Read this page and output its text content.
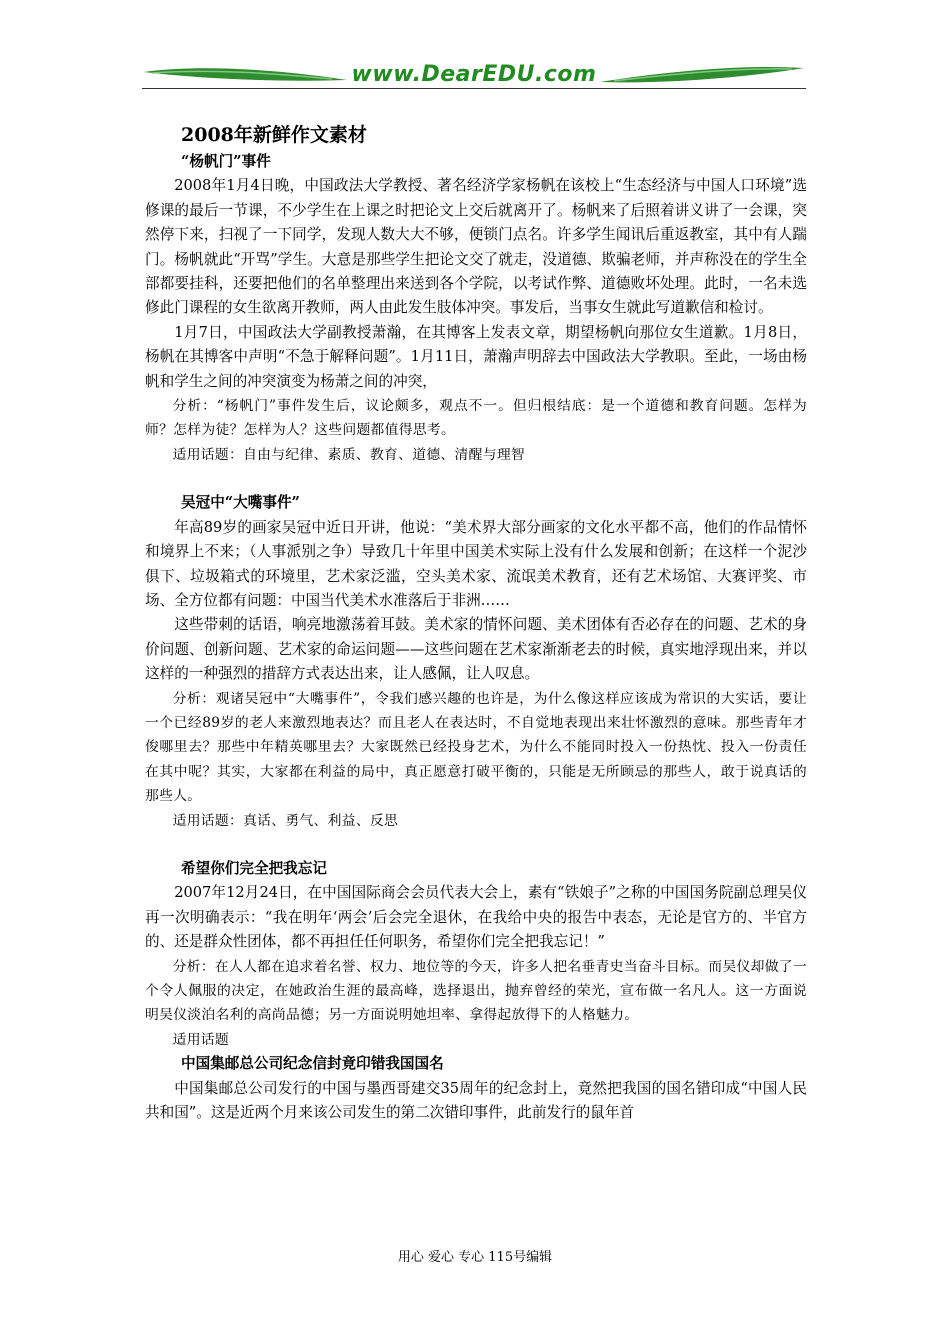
www.DearEDU.com
2008年新鲜作文素材
“杨帆门”事件

2008年1月4日晚，中国政法大学教授、著名经济学家杨帆在该校上“生态经济与中国人口环境”选修课的最后一节课，不少学生在上课之时把论文上交后就离开了。杨帆来了后照着讲义讲了一会课，突然停下来，扫视了一下同学，发现人数大大不够，便锁门点名。许多学生闻讯后重返教室，其中有人踹门。杨帆就此“开骂”学生。大意是那些学生把论文交了就走，没道德、欺骗老师，并声称没在的学生全部都要挂科，还要把他们的名单整理出来送到各个学院，以考试作弊、道德败坏处理。此时，一名未选修此门课程的女生欲离开教师，两人由此发生肢体冲突。事发后，当事女生就此写道歉信和检讨。

1月7日，中国政法大学副教授萧瀚，在其博客上发表文章，期望杨帆向那位女生道歉。1月8日，杨帆在其博客中声明“不急于解释问题”。1月11日，萧瀚声明辞去中国政法大学教职。至此，一场由杨帆和学生之间的冲突演变为杨萧之间的冲突，

分析：“杨帆门”事件发生后，议论颇多，观点不一。但归根结底：是一个道德和教育问题。怎样为师？怎样为徒？怎样为人？这些问题都值得思考。

适用话题：自由与纪律、素质、教育、道德、清醒与理智

吴冠中“大嘴事件”

年高89岁的画家吴冠中近日开讲，他说：“美术界大部分画家的文化水平都不高，他们的作品情怀和境界上不来；（人事派别之争）导致几十年里中国美术实际上没有什么发展和创新；在这样一个泥沙俱下、垃圾箱式的环境里，艺术家泛滥，空头美术家、流氓美术教育，还有艺术场馆、大赛评奖、市场、全方位都有问题：中国当代美术水准落后于非洲……

这些带刺的话语，响亮地激荡着耳鼓。美术家的情怀问题、美术团体有否必存在的问题、艺术的身价问题、创新问题、艺术家的命运问题——这些问题在艺术家渐渐老去的时候，真实地浮现出来，并以这样的一种强烈的措辞方式表达出来，让人感佩，让人叹息。

分析：观诸吴冠中“大嘴事件”，令我们感兴趣的也许是，为什么像这样应该成为常识的大实话，要让一个已经89岁的老人来激烈地表达？而且老人在表达时，不自觉地表现出来壮怀激烈的意味。那些青年才俊哪里去？那些中年精英哪里去？大家既然已经投身艺术，为什么不能同时投入一份热忱、投入一份责任在其中呢？其实，大家都在利益的局中，真正愿意打破平衡的，只能是无所顾忌的那些人，敢于说真话的那些人。

适用话题：真话、勇气、利益、反思

希望你们完全把我忘记

2007年12月24日，在中国国际商会会员代表大会上，素有“铁娘子”之称的中国国务院副总理吴仪再一次明确表示：“我在明年‘两会’后会完全退休，在我给中央的报告中表态，无论是官方的、半官方的、还是群众性团体，都不再担任任何职务，希望你们完全把我忘记！”

分析：在人人都在追求着名誉、权力、地位等的今天，许多人把名垂青史当奋斗目标。而吴仪却做了一个令人佩服的决定，在她政治生涯的最高峰，选择退出，抛弃曾经的荣光，宣布做一名凡人。这一方面说明吴仪淡泊名利的高尚品德；另一方面说明她坦率、拿得起放得下的人格魅力。

适用话题

中国集邮总公司纪念信封竟印错我国国名

中国集邮总公司发行的中国与墨西哥建交35周年的纪念封上，竟然把我国的国名错印成“中国人民共和国”。这是近两个月来该公司发生的第二次错印事件，此前发行的鼠年首

用心 爱心 专心 115号编辑
